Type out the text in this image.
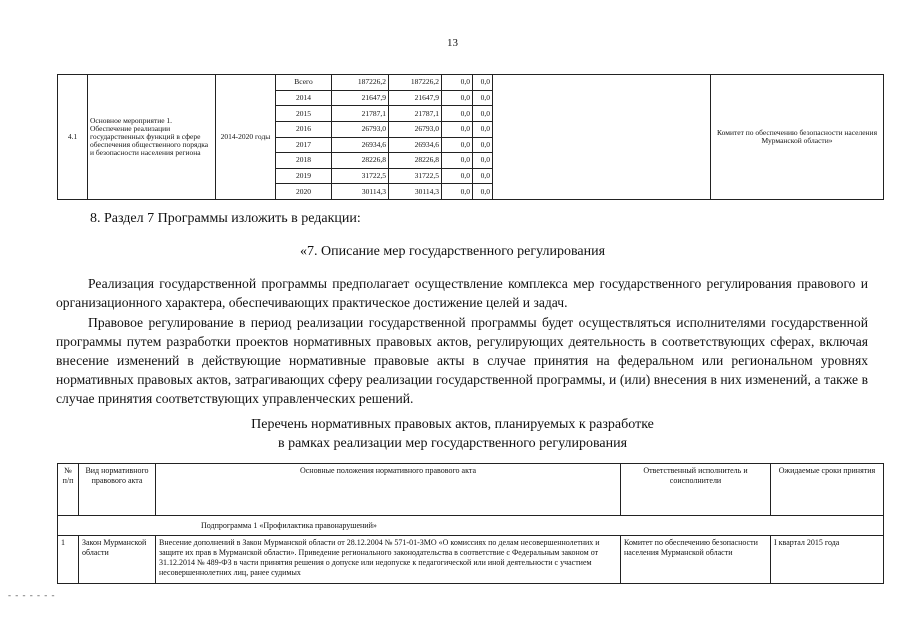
13
4.1	Основное мероприятие 1. Обеспечение реализации государственных функций в сфере обеспечения общественного порядка и безопасности населения региона	2014-2020 годы	Всего	187226,2	187226,2	0,0	0,0		Комитет по обеспечению безопасности населения Мурманской области»
			2014	21647,9	21647,9	0,0	0,0		
			2015	21787,1	21787,1	0,0	0,0		
			2016	26793,0	26793,0	0,0	0,0		
			2017	26934,6	26934,6	0,0	0,0		
			2018	28226,8	28226,8	0,0	0,0		
			2019	31722,5	31722,5	0,0	0,0		
			2020	30114,3	30114,3	0,0	0,0		
8. Раздел 7 Программы изложить в редакции:
«7. Описание мер государственного регулирования
Реализация государственной программы предполагает осуществление комплекса мер государственного регулирования правового и организационного характера, обеспечивающих практическое достижение целей и задач.
Правовое регулирование в период реализации государственной программы будет осуществляться исполнителями государственной программы путем разработки проектов нормативных правовых актов, регулирующих деятельность в соответствующих сферах, включая внесение изменений в действующие нормативные правовые акты в случае принятия на федеральном или региональном уровнях нормативных правовых актов, затрагивающих сферу реализации государственной программы, и (или) внесения в них изменений, а также в случае принятия соответствующих управленческих решений.
Перечень нормативных правовых актов, планируемых к разработке
в рамках реализации мер государственного регулирования
№ п/п	Вид нормативного правового акта	Основные положения нормативного правового акта	Ответственный исполнитель и соисполнители	Ожидаемые сроки принятия
Подпрограмма 1 «Профилактика правонарушений»				
1	Закон Мурманской области	Внесение дополнений в Закон Мурманской области от 28.12.2004 № 571-01-ЗМО «О комиссиях по делам несовершеннолетних и защите их прав в Мурманской области». Приведение регионального законодательства в соответствие с Федеральным законом от 31.12.2014 № 489-ФЗ в части принятия решения о допуске или недопуске к педагогической или иной деятельности с участием несовершеннолетних лиц, ранее судимых	Комитет по обеспечению безопасности населения Мурманской области	I квартал 2015 года
- - - - - - -
